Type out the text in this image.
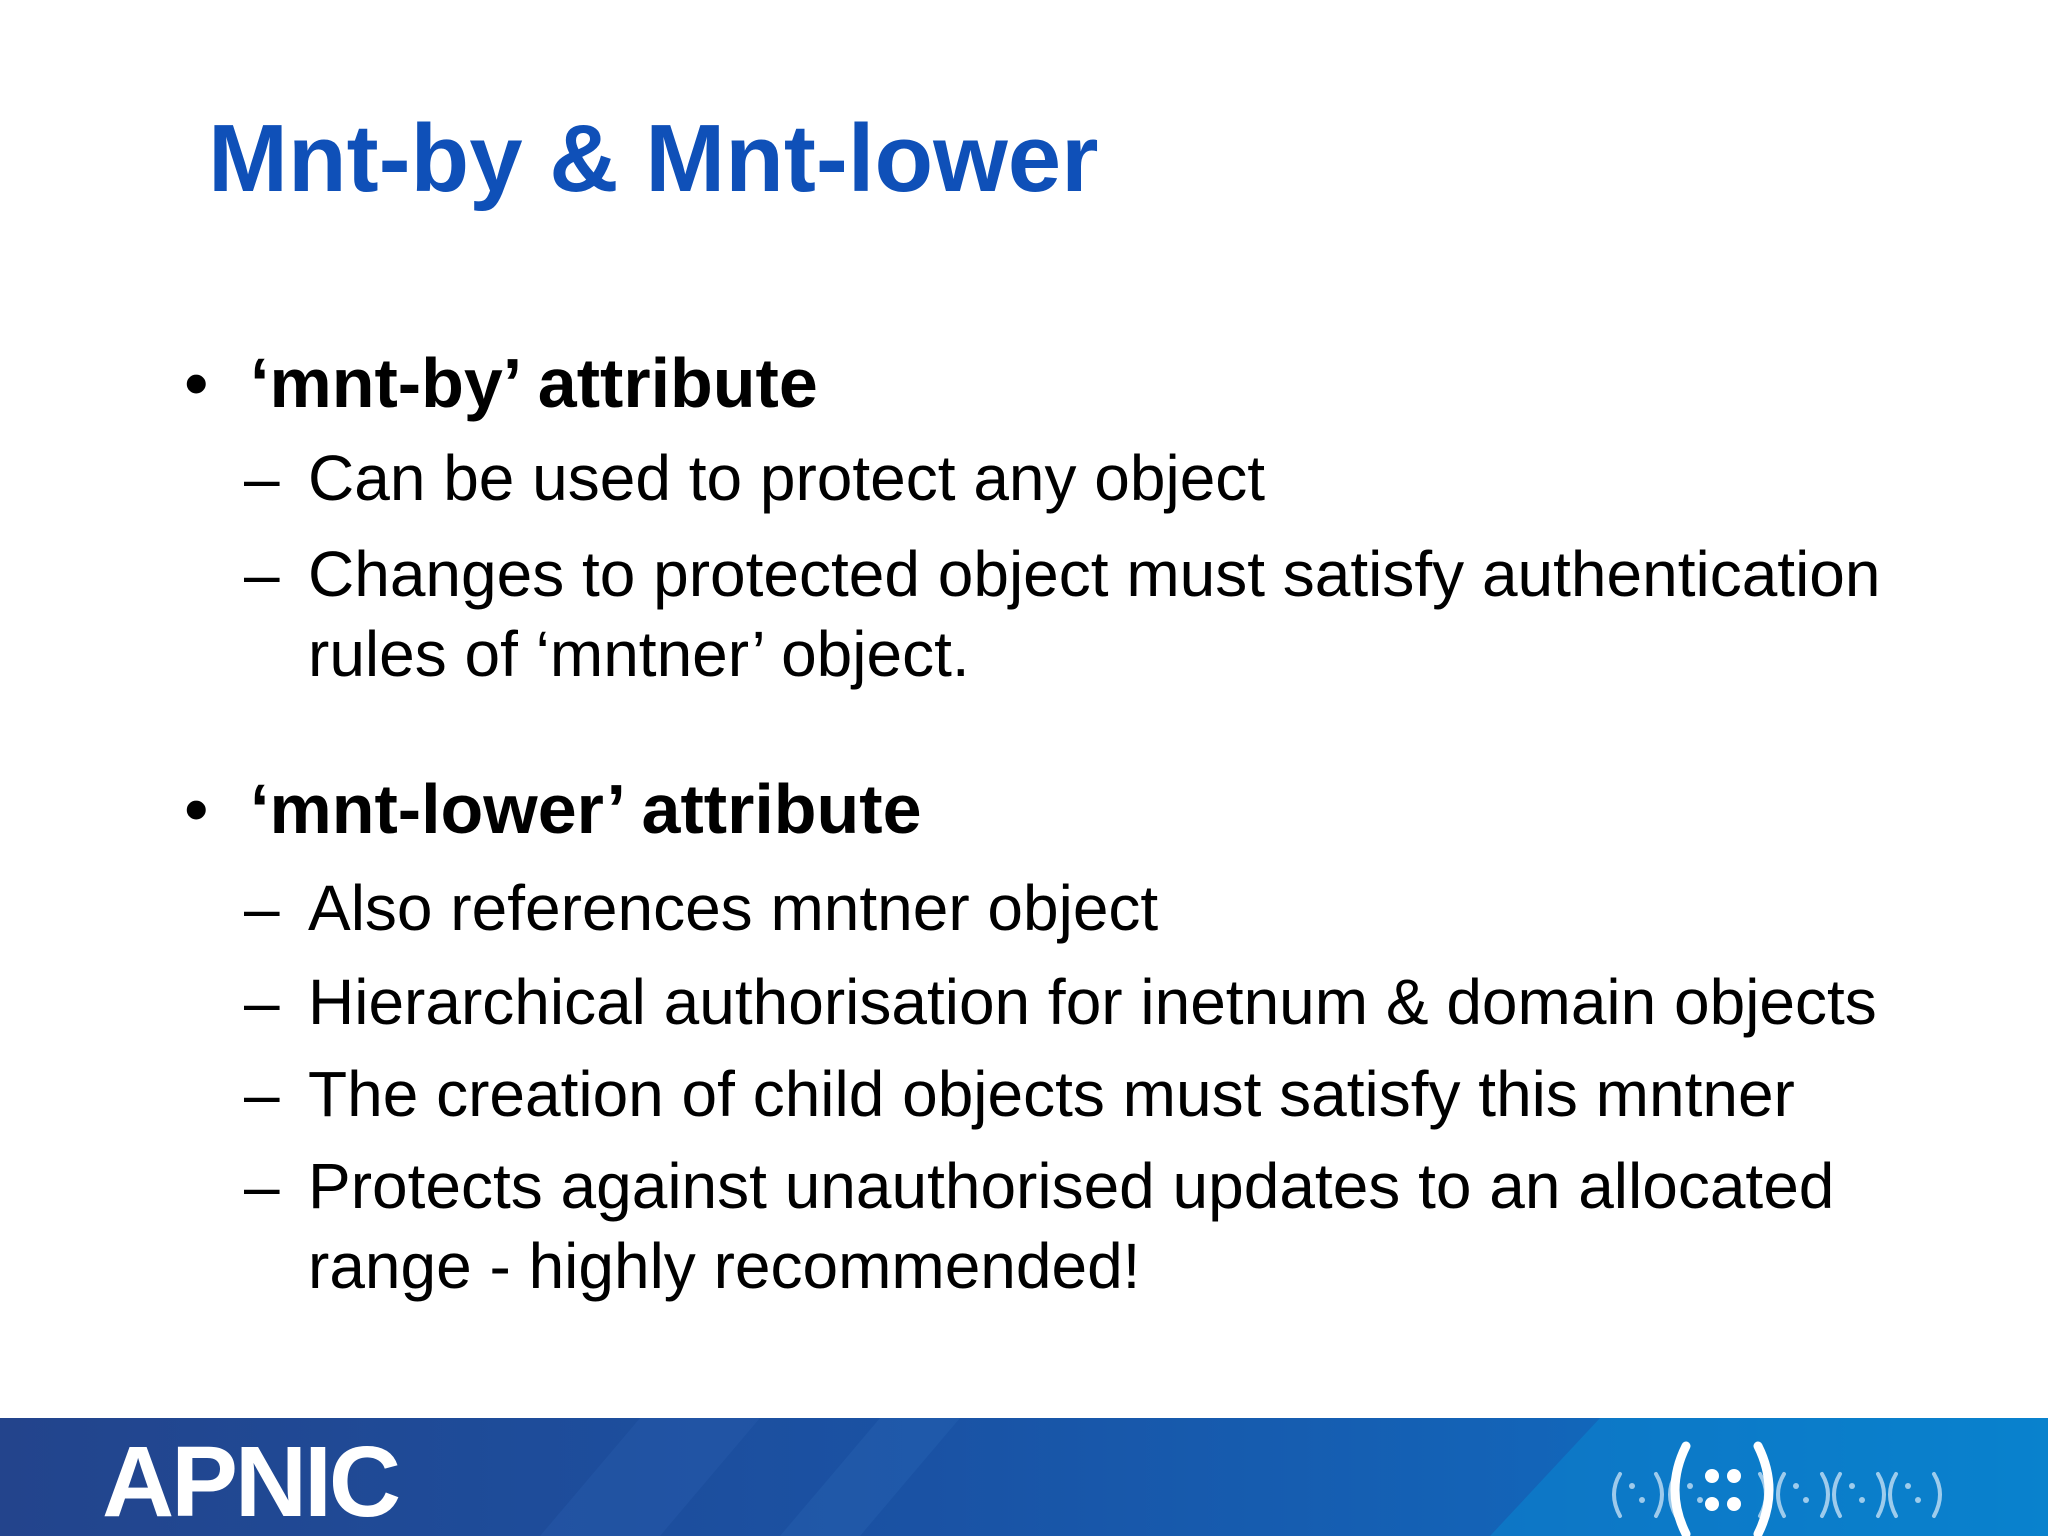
Mnt-by & Mnt-lower
• ‘mnt-by’ attribute
– Can be used to protect any object
– Changes to protected object must satisfy authentication
rules of ‘mntner’ object.
• ‘mnt-lower’ attribute
– Also references mntner object
– Hierarchical authorisation for inetnum & domain objects
– The creation of child objects must satisfy this mntner
– Protects against unauthorised updates to an allocated
range - highly recommended!
APNIC
